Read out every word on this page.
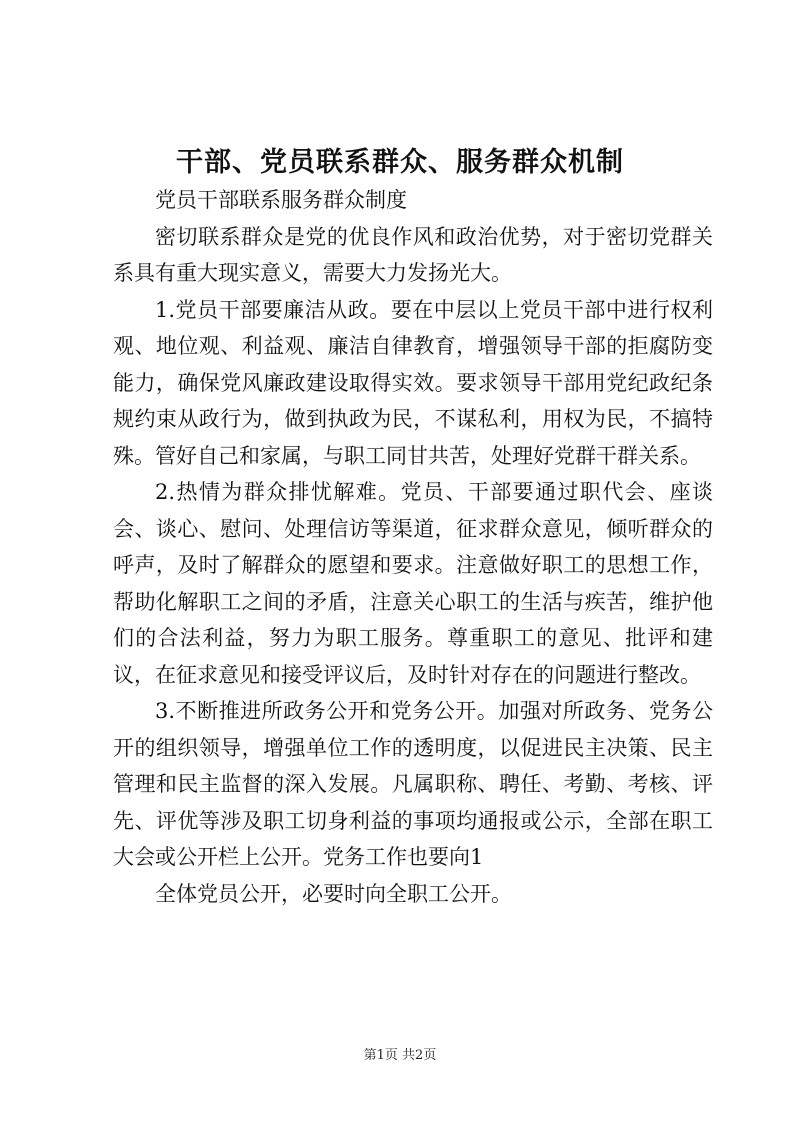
干部、党员联系群众、服务群众机制

党员干部联系服务群众制度

密切联系群众是党的优良作风和政治优势，对于密切党群关系具有重大现实意义，需要大力发扬光大。

1.党员干部要廉洁从政。要在中层以上党员干部中进行权利观、地位观、利益观、廉洁自律教育，增强领导干部的拒腐防变能力，确保党风廉政建设取得实效。要求领导干部用党纪政纪条规约束从政行为，做到执政为民，不谋私利，用权为民，不搞特殊。管好自己和家属，与职工同甘共苦，处理好党群干群关系。

2.热情为群众排忧解难。党员、干部要通过职代会、座谈会、谈心、慰问、处理信访等渠道，征求群众意见，倾听群众的呼声，及时了解群众的愿望和要求。注意做好职工的思想工作，帮助化解职工之间的矛盾，注意关心职工的生活与疾苦，维护他们的合法利益，努力为职工服务。尊重职工的意见、批评和建议，在征求意见和接受评议后，及时针对存在的问题进行整改。

3.不断推进所政务公开和党务公开。加强对所政务、党务公开的组织领导，增强单位工作的透明度，以促进民主决策、民主管理和民主监督的深入发展。凡属职称、聘任、考勤、考核、评先、评优等涉及职工切身利益的事项均通报或公示，全部在职工大会或公开栏上公开。党务工作也要向1

全体党员公开，必要时向全职工公开。

第1页 共2页
